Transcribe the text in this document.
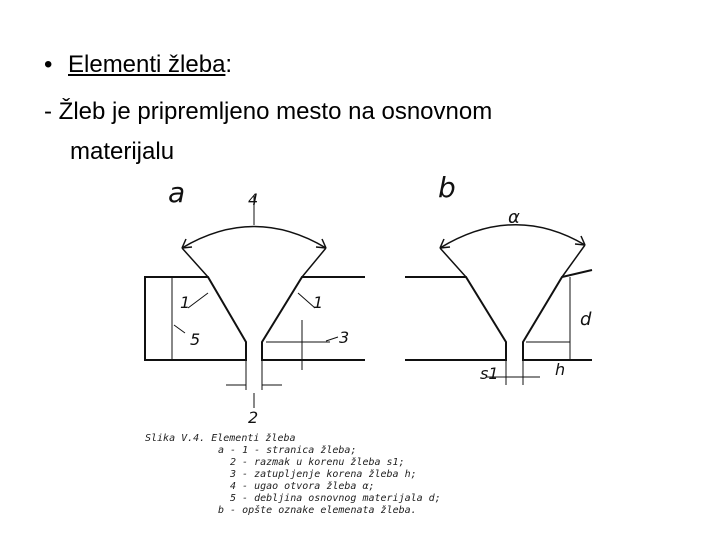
• Elementi žleba:
- Žleb je pripremljeno mesto na osnovnom
materijalu
a	4
1	1
5	3
2
b
α
d
s1	h
Slika V.4. Elementi žleba
a - 1 - stranica žleba;
2 - razmak u korenu žleba s1;
3 - zatupljenje korena žleba h;
4 - ugao otvora žleba α;
5 - debljina osnovnog materijala d;
b - opšte oznake elemenata žleba.
